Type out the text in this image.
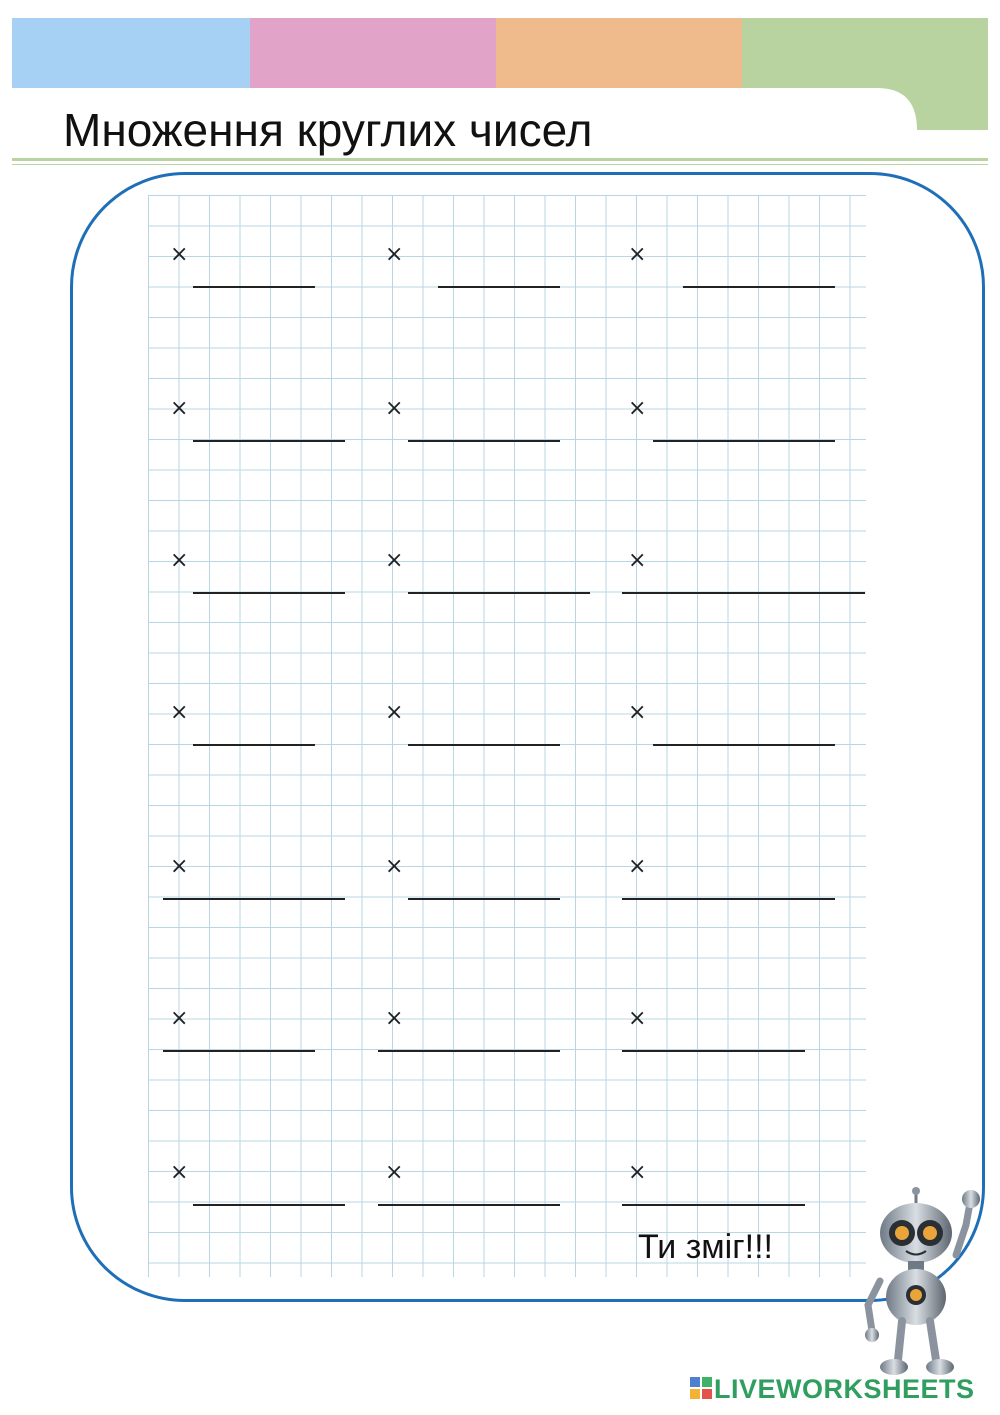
Множення круглих чисел
×	×	×
×	×	×
×	×	×
×	×	×
×	×	×
×	×	×
×	×	×
Ти зміг!!!
LIVEWORKSHEETS
